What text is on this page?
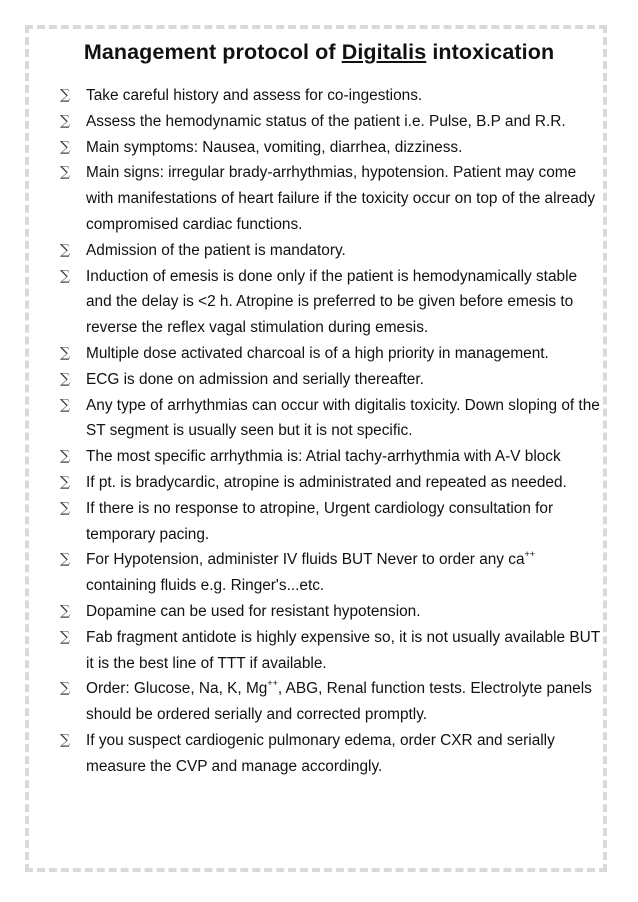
Management protocol of Digitalis intoxication
∑ Take careful history and assess for co-ingestions.
∑ Assess the hemodynamic status of the patient i.e. Pulse, B.P and R.R.
∑ Main symptoms: Nausea, vomiting, diarrhea, dizziness.
∑ Main signs: irregular brady-arrhythmias, hypotension. Patient may come with manifestations of heart failure if the toxicity occur on top of the already compromised cardiac functions.
∑ Admission of the patient is mandatory.
∑ Induction of emesis is done only if the patient is hemodynamically stable and the delay is <2 h. Atropine is preferred to be given before emesis to reverse the reflex vagal stimulation during emesis.
∑ Multiple dose activated charcoal is of a high priority in management.
∑ ECG is done on admission and serially thereafter.
∑ Any type of arrhythmias can occur with digitalis toxicity. Down sloping of the ST segment is usually seen but it is not specific.
∑ The most specific arrhythmia is: Atrial tachy-arrhythmia with A-V block
∑ If pt. is bradycardic, atropine is administrated and repeated as needed.
∑ If there is no response to atropine, Urgent cardiology consultation for temporary pacing.
∑ For Hypotension, administer IV fluids BUT Never to order any ca++ containing fluids e.g. Ringer's...etc.
∑ Dopamine can be used for resistant hypotension.
∑ Fab fragment antidote is highly expensive so, it is not usually available BUT it is the best line of TTT if available.
∑ Order: Glucose, Na, K, Mg++, ABG, Renal function tests. Electrolyte panels should be ordered serially and corrected promptly.
∑ If you suspect cardiogenic pulmonary edema, order CXR and serially measure the CVP and manage accordingly.
